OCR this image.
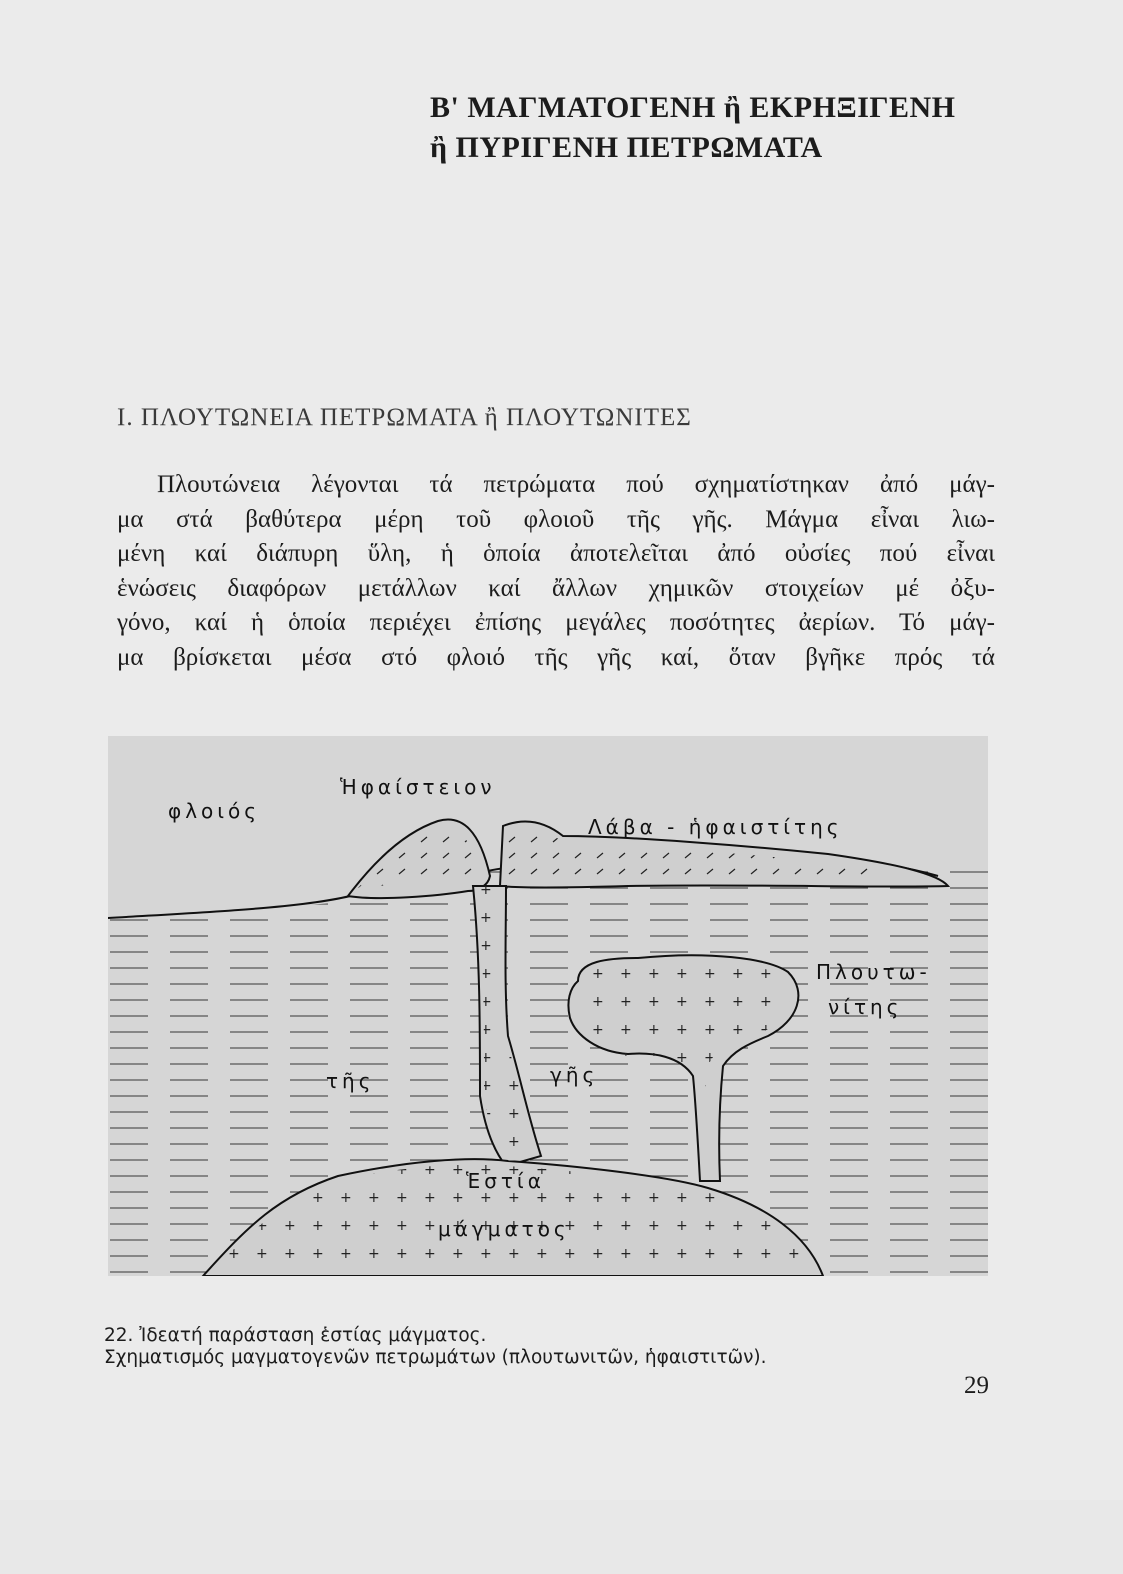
Β' ΜΑΓΜΑΤΟΓΕΝΗ ἢ ΕΚΡΗΞΙΓΕΝΗ
ἢ ΠΥΡΙΓΕΝΗ ΠΕΤΡΩΜΑΤΑ
Ι. ΠΛΟΥΤΩΝΕΙΑ ΠΕΤΡΩΜΑΤΑ ἢ ΠΛΟΥΤΩΝΙΤΕΣ
Πλουτώνεια λέγονται τά πετρώματα πού σχηματίστηκαν ἀπό μάγ-
μα στά βαθύτερα μέρη τοῦ φλοιοῦ τῆς γῆς. Μάγμα εἶναι λιω-
μένη καί διάπυρη ὕλη, ἡ ὁποία ἀποτελεῖται ἀπό οὐσίες πού εἶναι
ἑνώσεις διαφόρων μετάλλων καί ἄλλων χημικῶν στοιχείων μέ ὀξυ-
γόνο, καί ἡ ὁποία περιέχει ἐπίσης μεγάλες ποσότητες ἀερίων. Τό μάγ-
μα βρίσκεται μέσα στό φλοιό τῆς γῆς καί, ὅταν βγῆκε πρός τά
φλοιός
Ἡφαίστειον
Λάβα - ἡφαιστίτης
Πλουτω-
νίτης
τῆς	γῆς
Ἑστία
μάγματος
22. Ἰδεατή παράσταση ἑστίας μάγματος.
Σχηματισμός μαγματογενῶν πετρωμάτων (πλουτωνιτῶν, ἡφαιστιτῶν).
29
